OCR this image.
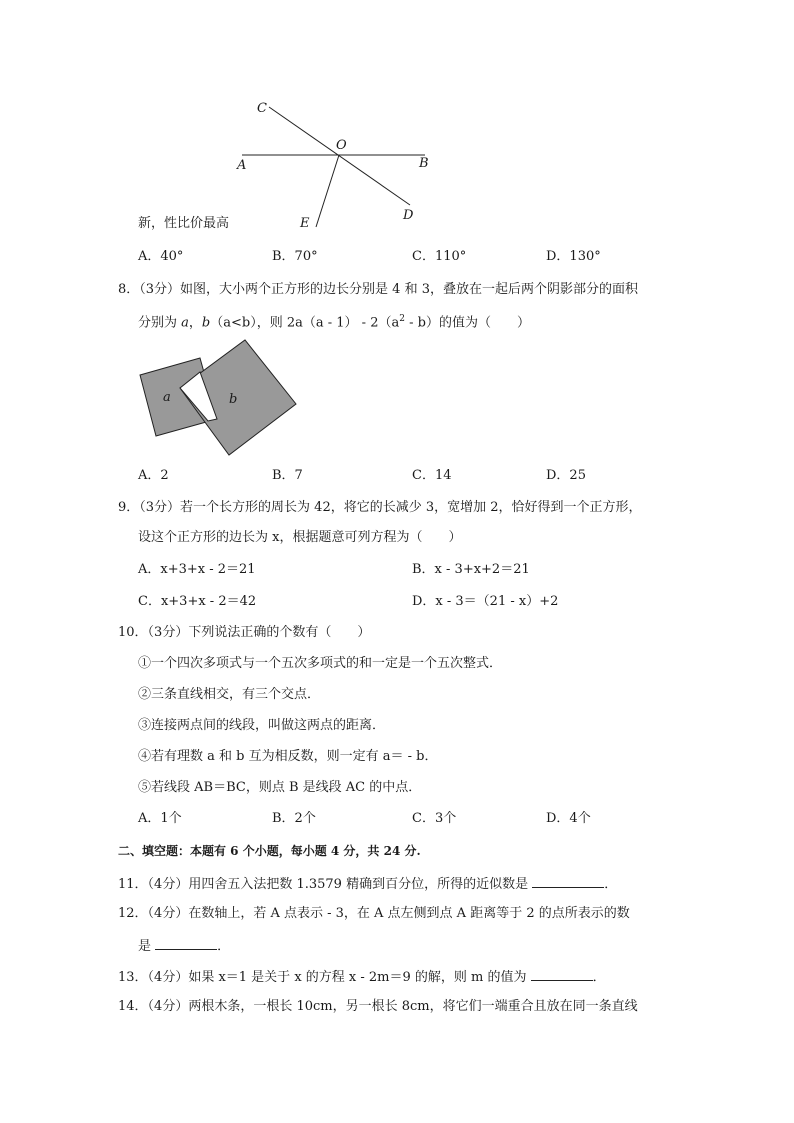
C
O
A	B
D
E
新，性比价最高
A．40°	B．70°	C．110°	D．130°
8．（3分）如图，大小两个正方形的边长分别是 4 和 3，叠放在一起后两个阴影部分的面积
分别为 a，b（a<b），则 $2a(a - 1) - 2(a^2 - b)$的值为（　　）
a	b
A．2	B．7	C．14	D．25
9．（3分）若一个长方形的周长为 42，将它的长减少 3，宽增加 2，恰好得到一个正方形，
设这个正方形的边长为 x，根据题意可列方程为（　　）
A．x+3+x - 2＝21	B．x - 3+x+2＝21
C．x+3+x - 2＝42	D．x - 3＝（21 - x）+2
10．（3分）下列说法正确的个数有（　　）
①一个四次多项式与一个五次多项式的和一定是一个五次整式．
②三条直线相交，有三个交点．
③连接两点间的线段，叫做这两点的距离．
④若有理数 a 和 b 互为相反数，则一定有 a＝ - b．
⑤若线段 AB＝BC，则点 B 是线段 AC 的中点．
A．1个	B．2个	C．3个	D．4个
二、填空题：本题有 6 个小题，每小题 4 分，共 24 分.
11．（4分）用四舍五入法把数 1.3579 精确到百分位，所得的近似数是	．
12．（4分）在数轴上，若 A 点表示 - 3，在 A 点左侧到点 A 距离等于 2 的点所表示的数
是	．
13．（4分）如果 x＝1 是关于 x 的方程 x - 2m＝9 的解，则 m 的值为	．
14．（4分）两根木条，一根长 10cm，另一根长 8cm，将它们一端重合且放在同一条直线
